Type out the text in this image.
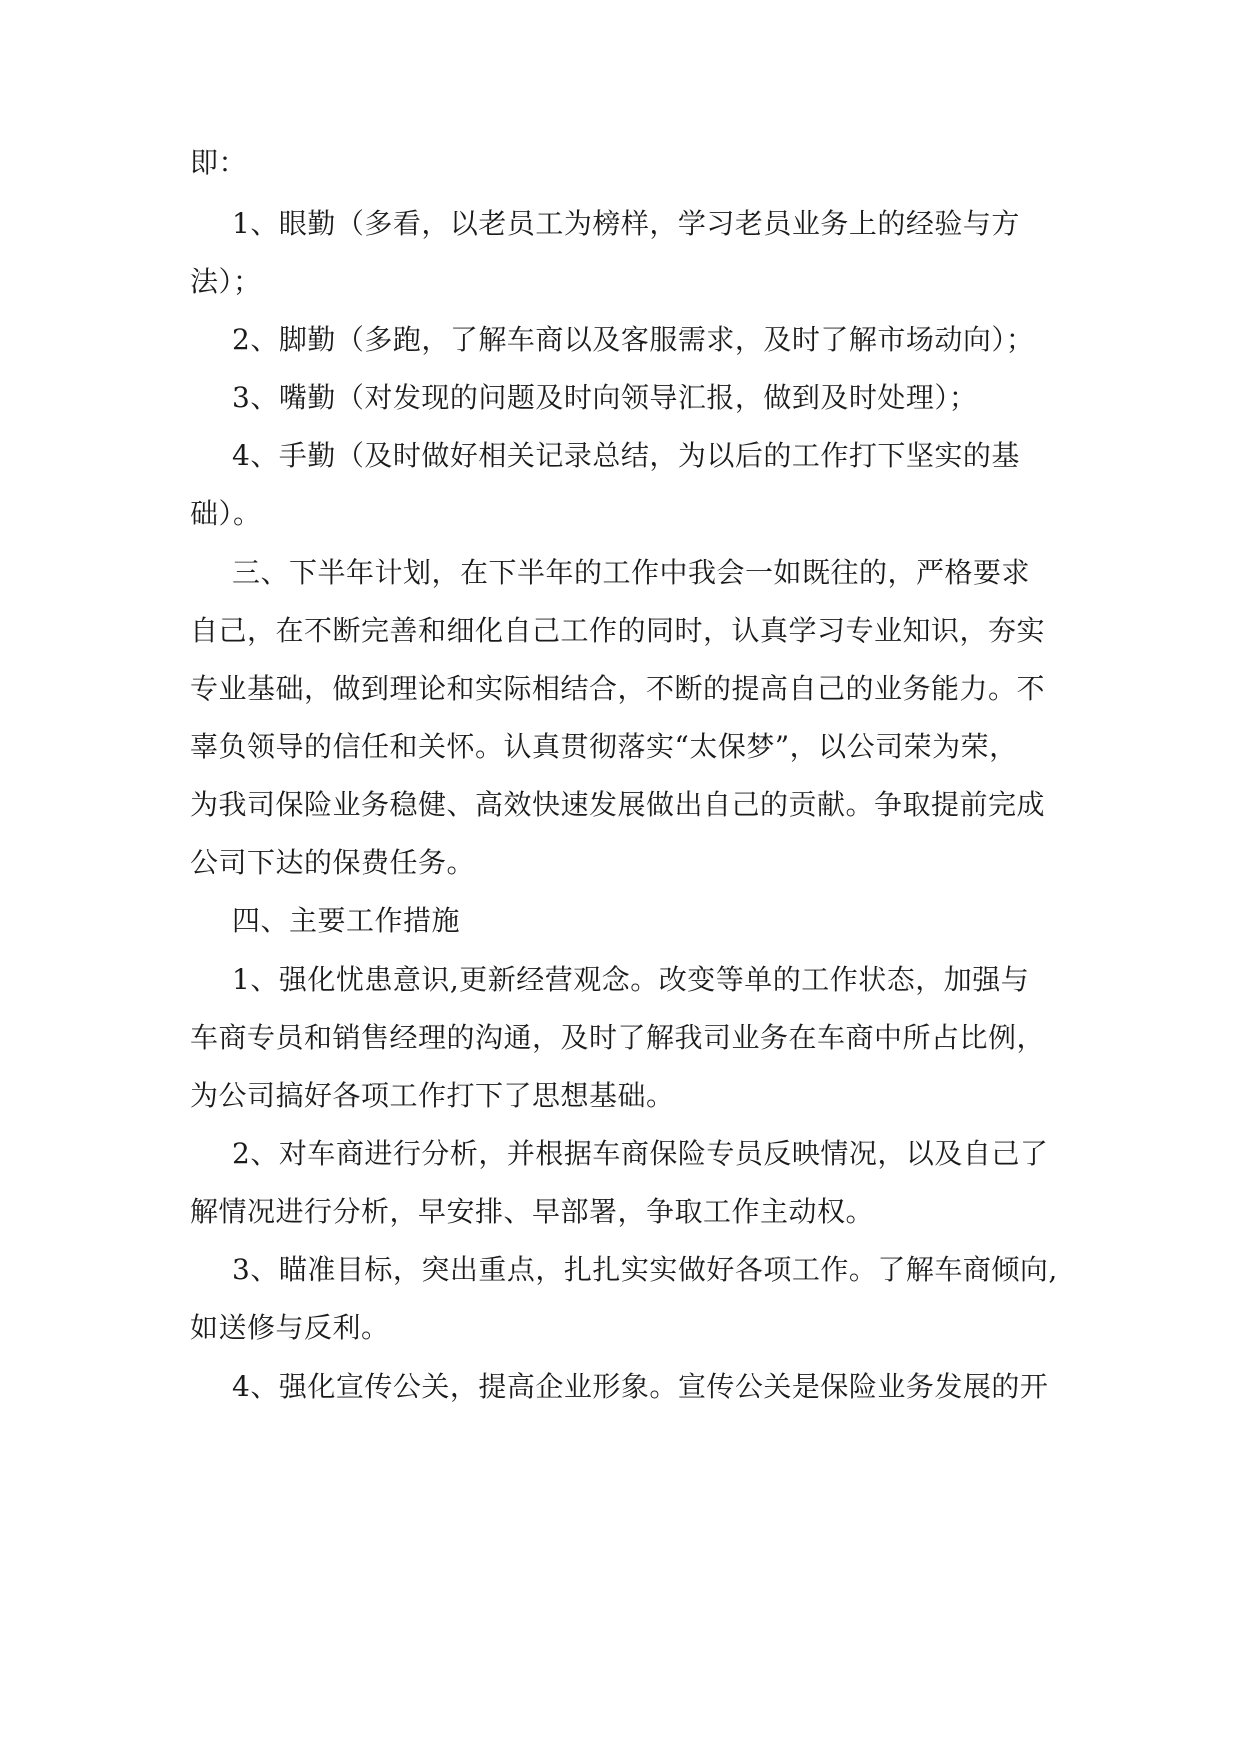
即：
1、眼勤（多看，以老员工为榜样，学习老员业务上的经验与方
法）；
2、脚勤（多跑，了解车商以及客服需求，及时了解市场动向）；
3、嘴勤（对发现的问题及时向领导汇报，做到及时处理）；
4、手勤（及时做好相关记录总结，为以后的工作打下坚实的基
础）。
三、下半年计划，在下半年的工作中我会一如既往的，严格要求
自己，在不断完善和细化自己工作的同时，认真学习专业知识，夯实
专业基础，做到理论和实际相结合，不断的提高自己的业务能力。不
辜负领导的信任和关怀。认真贯彻落实“太保梦”，以公司荣为荣，
为我司保险业务稳健、高效快速发展做出自己的贡献。争取提前完成
公司下达的保费任务。
四、主要工作措施
1、强化忧患意识,更新经营观念。改变等单的工作状态，加强与
车商专员和销售经理的沟通，及时了解我司业务在车商中所占比例，
为公司搞好各项工作打下了思想基础。
2、对车商进行分析，并根据车商保险专员反映情况，以及自己了
解情况进行分析，早安排、早部署，争取工作主动权。
3、瞄准目标，突出重点，扎扎实实做好各项工作。了解车商倾向,
如送修与反利。
4、强化宣传公关，提高企业形象。宣传公关是保险业务发展的开
